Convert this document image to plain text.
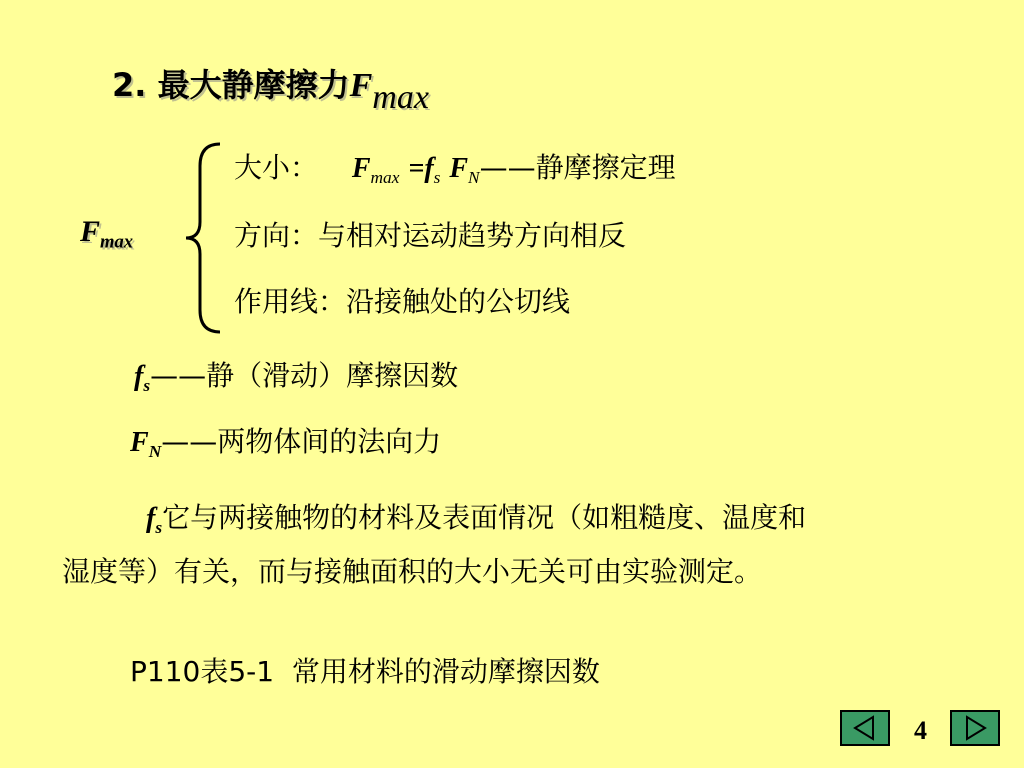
2. 最大静摩擦力Fmax
$F_{max}$
大小： $F_{max} =f_s$ $F_N——$静摩擦定理
方向：与相对运动趋势方向相反
作用线：沿接触处的公切线
$f_s——$静（滑动）摩擦因数
$F_N——$两物体间的法向力
$f_s$它与两接触物的材料及表面情况（如粗糙度、温度和
湿度等）有关，而与接触面积的大小无关可由实验测定。
P110表5-1  常用材料的滑动摩擦因数
4
